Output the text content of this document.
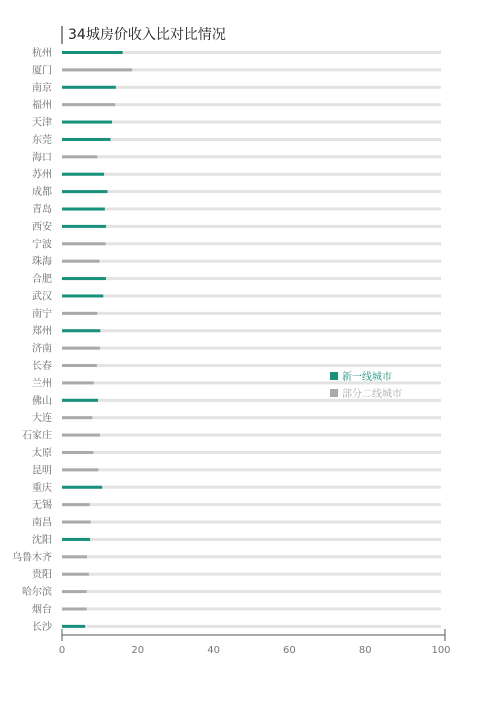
34城房价收入比对比情况
杭州
厦门
南京
福州
天津
东莞
海口
苏州
成都
青岛
西安
宁波
珠海
合肥
武汉
南宁
郑州
济南
长春
兰州
佛山
大连
石家庄
太原
昆明
重庆
无锡
南昌
沈阳
乌鲁木齐
贵阳
哈尔滨
烟台
长沙
0	20	40	60	80	100
新一线城市
部分二线城市
